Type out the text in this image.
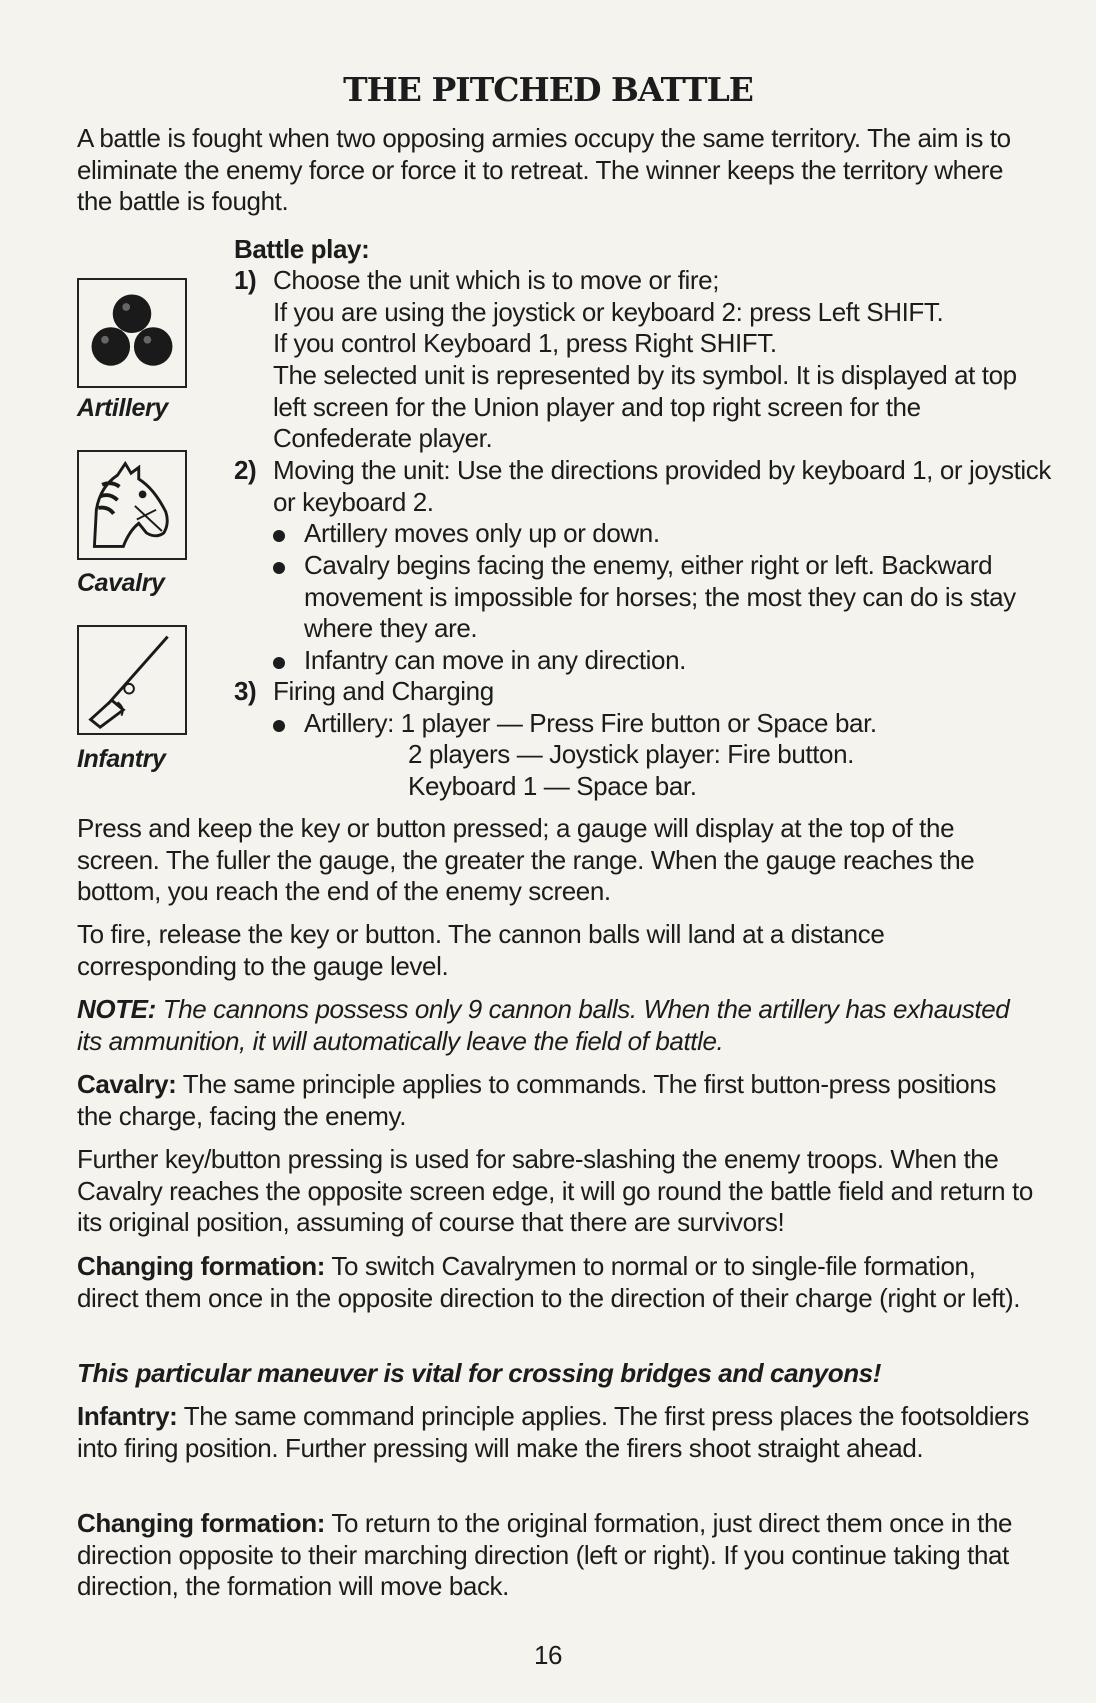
THE PITCHED BATTLE

A battle is fought when two opposing armies occupy the same territory. The aim is to eliminate the enemy force or force it to retreat. The winner keeps the territory where the battle is fought.

Artillery
Cavalry
Infantry
Battle play:
1) Choose the unit which is to move or fire;
If you are using the joystick or keyboard 2: press Left SHIFT.
If you control Keyboard 1, press Right SHIFT.
The selected unit is represented by its symbol. It is displayed at top left screen for the Union player and top right screen for the Confederate player.
2) Moving the unit: Use the directions provided by keyboard 1, or joystick or keyboard 2.
Artillery moves only up or down.
Cavalry begins facing the enemy, either right or left. Backward movement is impossible for horses; the most they can do is stay where they are.
Infantry can move in any direction.
3) Firing and Charging
Artillery: 1 player — Press Fire button or Space bar.
2 players — Joystick player: Fire button.
Keyboard 1 — Space bar.

Press and keep the key or button pressed; a gauge will display at the top of the screen. The fuller the gauge, the greater the range. When the gauge reaches the bottom, you reach the end of the enemy screen.

To fire, release the key or button. The cannon balls will land at a distance corresponding to the gauge level.

NOTE: The cannons possess only 9 cannon balls. When the artillery has exhausted its ammunition, it will automatically leave the field of battle.

Cavalry: The same principle applies to commands. The first button-press positions the charge, facing the enemy.

Further key/button pressing is used for sabre-slashing the enemy troops. When the Cavalry reaches the opposite screen edge, it will go round the battle field and return to its original position, assuming of course that there are survivors!

Changing formation: To switch Cavalrymen to normal or to single-file formation, direct them once in the opposite direction to the direction of their charge (right or left).

This particular maneuver is vital for crossing bridges and canyons!

Infantry: The same command principle applies. The first press places the footsoldiers into firing position. Further pressing will make the firers shoot straight ahead.

Changing formation: To return to the original formation, just direct them once in the direction opposite to their marching direction (left or right). If you continue taking that direction, the formation will move back.

16
